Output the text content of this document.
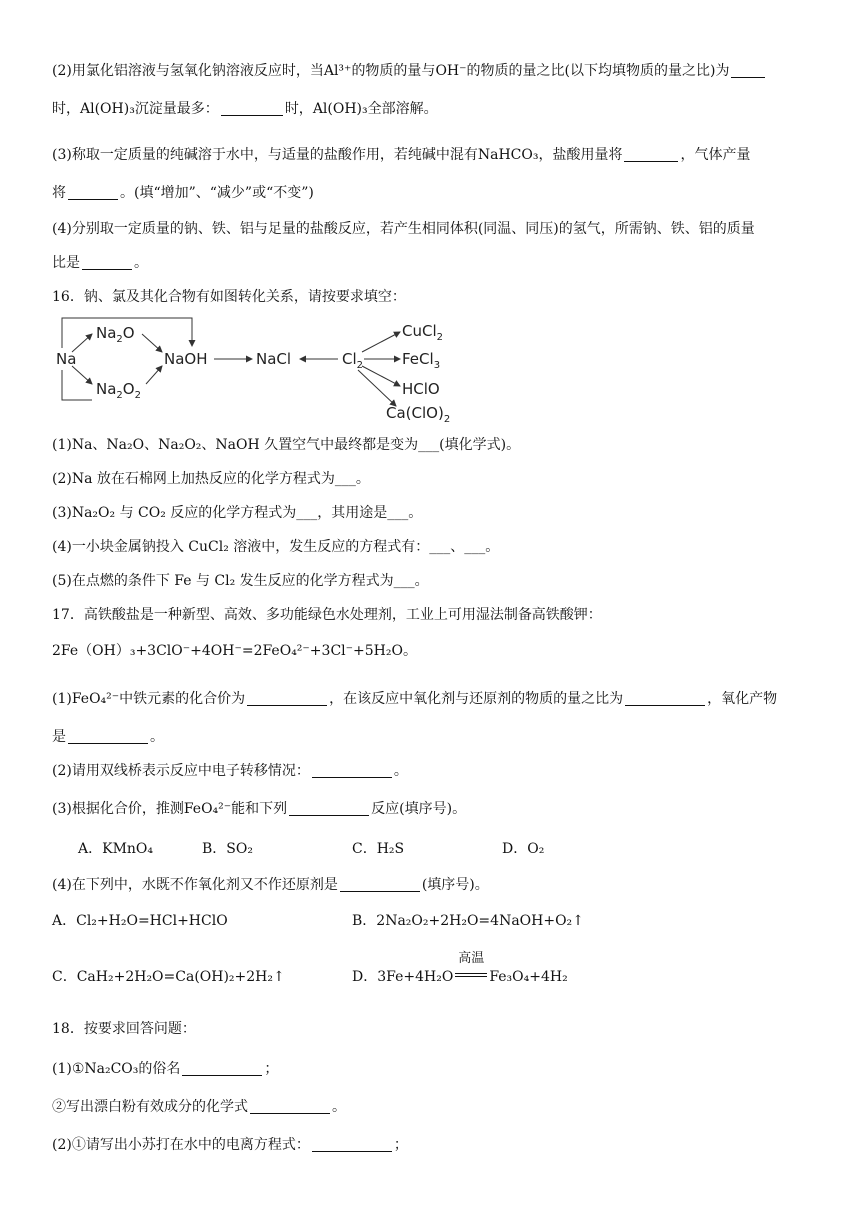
(2)用氯化铝溶液与氢氧化钠溶液反应时，当Al³⁺的物质的量与OH⁻的物质的量之比(以下均填物质的量之比)为
时，Al(OH)₃沉淀量最多：	时，Al(OH)₃全部溶解。
(3)称取一定质量的纯碱溶于水中，与适量的盐酸作用，若纯碱中混有NaHCO₃，盐酸用量将	，气体产量
将	。(填“增加”、“减少”或“不变”)
(4)分别取一定质量的钠、铁、铝与足量的盐酸反应，若产生相同体积(同温、同压)的氢气，所需钠、铁、铝的质量
比是	。
16．钠、氯及其化合物有如图转化关系，请按要求填空：
Na
$Na_2O$
NaOH
$Na_2O_2$
NaCl	$Cl_2$
CuCl$_2$
FeCl$_3$
HClO
$Ca(ClO)_2$
(1)Na、Na₂O、Na₂O₂、NaOH 久置空气中最终都是变为___(填化学式)。
(2)Na 放在石棉网上加热反应的化学方程式为___。
(3)Na₂O₂ 与 CO₂ 反应的化学方程式为___，其用途是___。
(4)一小块金属钠投入 CuCl₂ 溶液中，发生反应的方程式有：___、___。
(5)在点燃的条件下 Fe 与 Cl₂ 发生反应的化学方程式为___。
17．高铁酸盐是一种新型、高效、多功能绿色水处理剂，工业上可用湿法制备高铁酸钾：
2Fe（OH）₃+3ClO⁻+4OH⁻=2FeO₄²⁻+3Cl⁻+5H₂O。
(1)FeO₄²⁻中铁元素的化合价为	，在该反应中氧化剂与还原剂的物质的量之比为	，氧化产物
是	。
(2)请用双线桥表示反应中电子转移情况：	。
(3)根据化合价，推测FeO₄²⁻能和下列	反应(填序号)。
A．KMnO₄	B．SO₂	C．H₂S	D．O₂
(4)在下列中，水既不作氧化剂又不作还原剂是	(填序号)。
A．Cl₂+H₂O=HCl+HClO	B．2Na₂O₂+2H₂O=4NaOH+O₂↑
C．CaH₂+2H₂O=Ca(OH)₂+2H₂↑	D．3Fe+4H₂O
高温
Fe₃O₄+4H₂
18．按要求回答问题：
(1)①Na₂CO₃的俗名	；
②写出漂白粉有效成分的化学式	。
(2)①请写出小苏打在水中的电离方程式：	；
